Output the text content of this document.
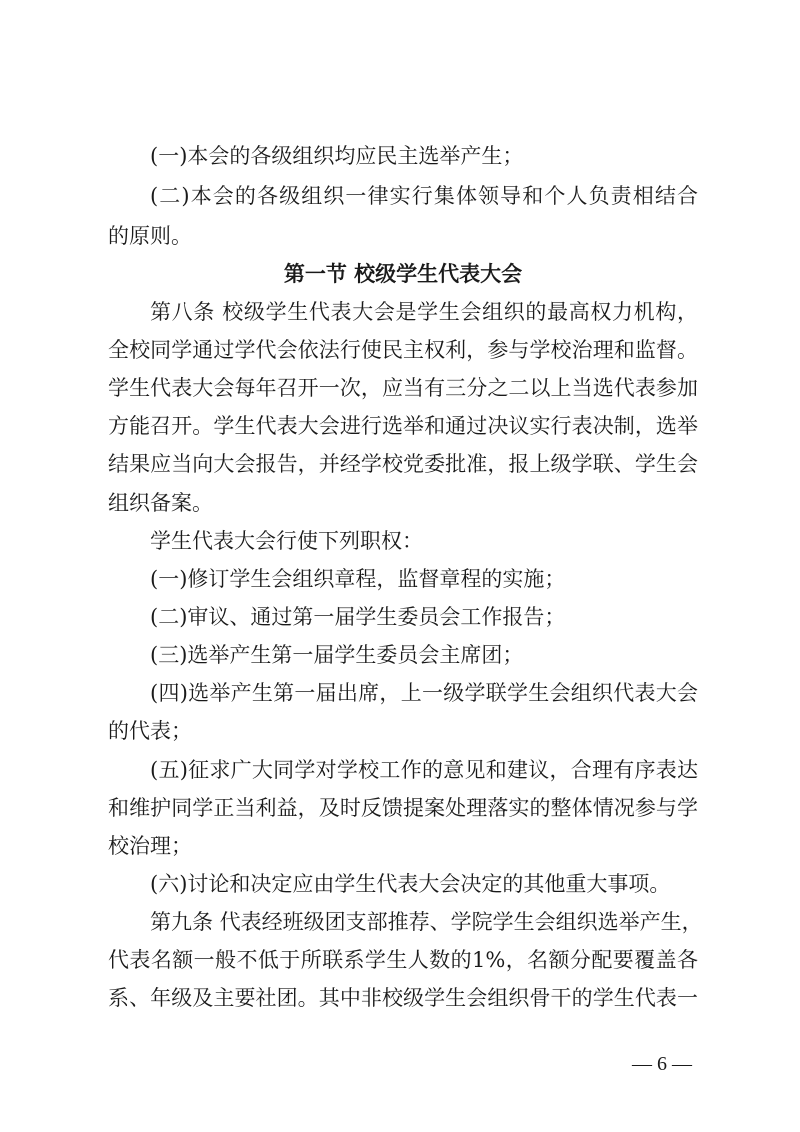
(一)本会的各级组织均应民主选举产生；
(二)本会的各级组织一律实行集体领导和个人负责相结合
的原则。
第一节 校级学生代表大会
第八条 校级学生代表大会是学生会组织的最高权力机构，
全校同学通过学代会依法行使民主权利，参与学校治理和监督。
学生代表大会每年召开一次，应当有三分之二以上当选代表参加
方能召开。学生代表大会进行选举和通过决议实行表决制，选举
结果应当向大会报告，并经学校党委批准，报上级学联、学生会
组织备案。
学生代表大会行使下列职权：
(一)修订学生会组织章程，监督章程的实施；
(二)审议、通过第一届学生委员会工作报告；
(三)选举产生第一届学生委员会主席团；
(四)选举产生第一届出席，上一级学联学生会组织代表大会
的代表；
(五)征求广大同学对学校工作的意见和建议，合理有序表达
和维护同学正当利益，及时反馈提案处理落实的整体情况参与学
校治理；
(六)讨论和决定应由学生代表大会决定的其他重大事项。
第九条 代表经班级团支部推荐、学院学生会组织选举产生，
代表名额一般不低于所联系学生人数的1%，名额分配要覆盖各
系、年级及主要社团。其中非校级学生会组织骨干的学生代表一
— 6 —
